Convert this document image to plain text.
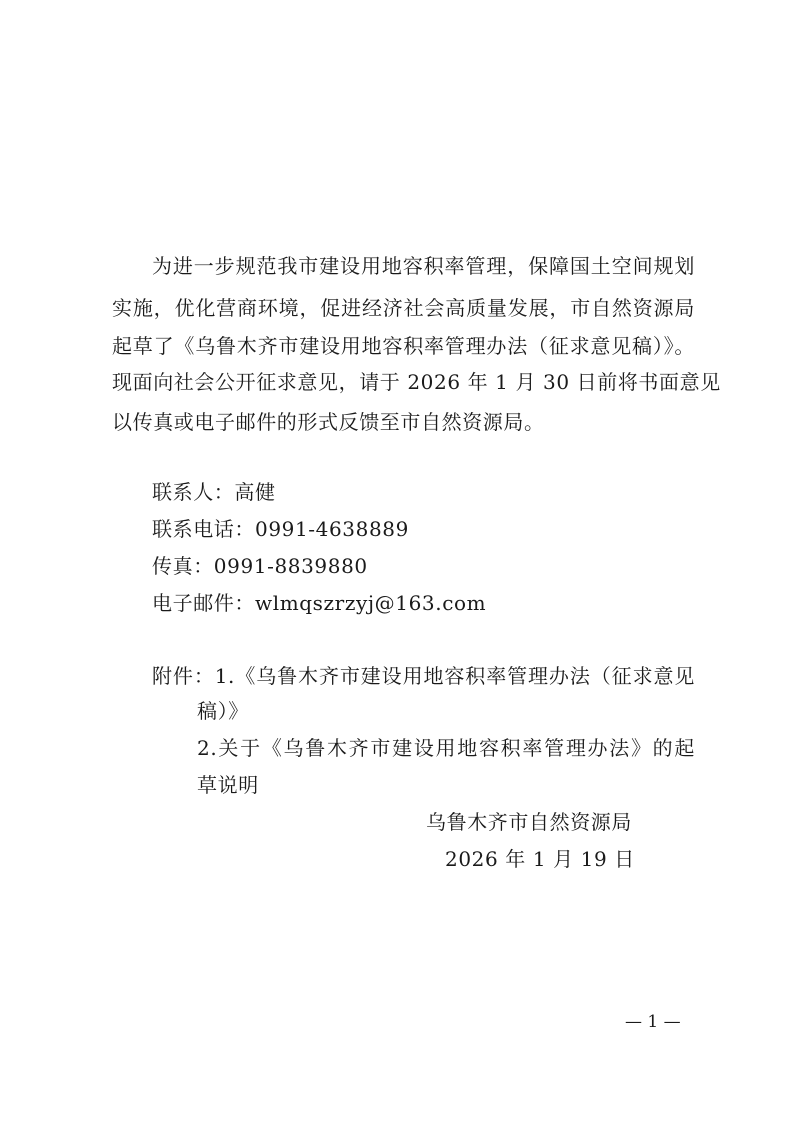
为进一步规范我市建设用地容积率管理，保障国土空间规划
实施，优化营商环境，促进经济社会高质量发展，市自然资源局
起草了《乌鲁木齐市建设用地容积率管理办法（征求意见稿）》。
现面向社会公开征求意见，请于 2026 年 1 月 30 日前将书面意见
以传真或电子邮件的形式反馈至市自然资源局。
联系人：高健
联系电话：0991-4638889
传真：0991-8839880
电子邮件：wlmqszrzyj@163.com
附件：1.《乌鲁木齐市建设用地容积率管理办法（征求意见
稿）》
2.关于《乌鲁木齐市建设用地容积率管理办法》的起
草说明
乌鲁木齐市自然资源局
2026 年 1 月 19 日
— 1 —
